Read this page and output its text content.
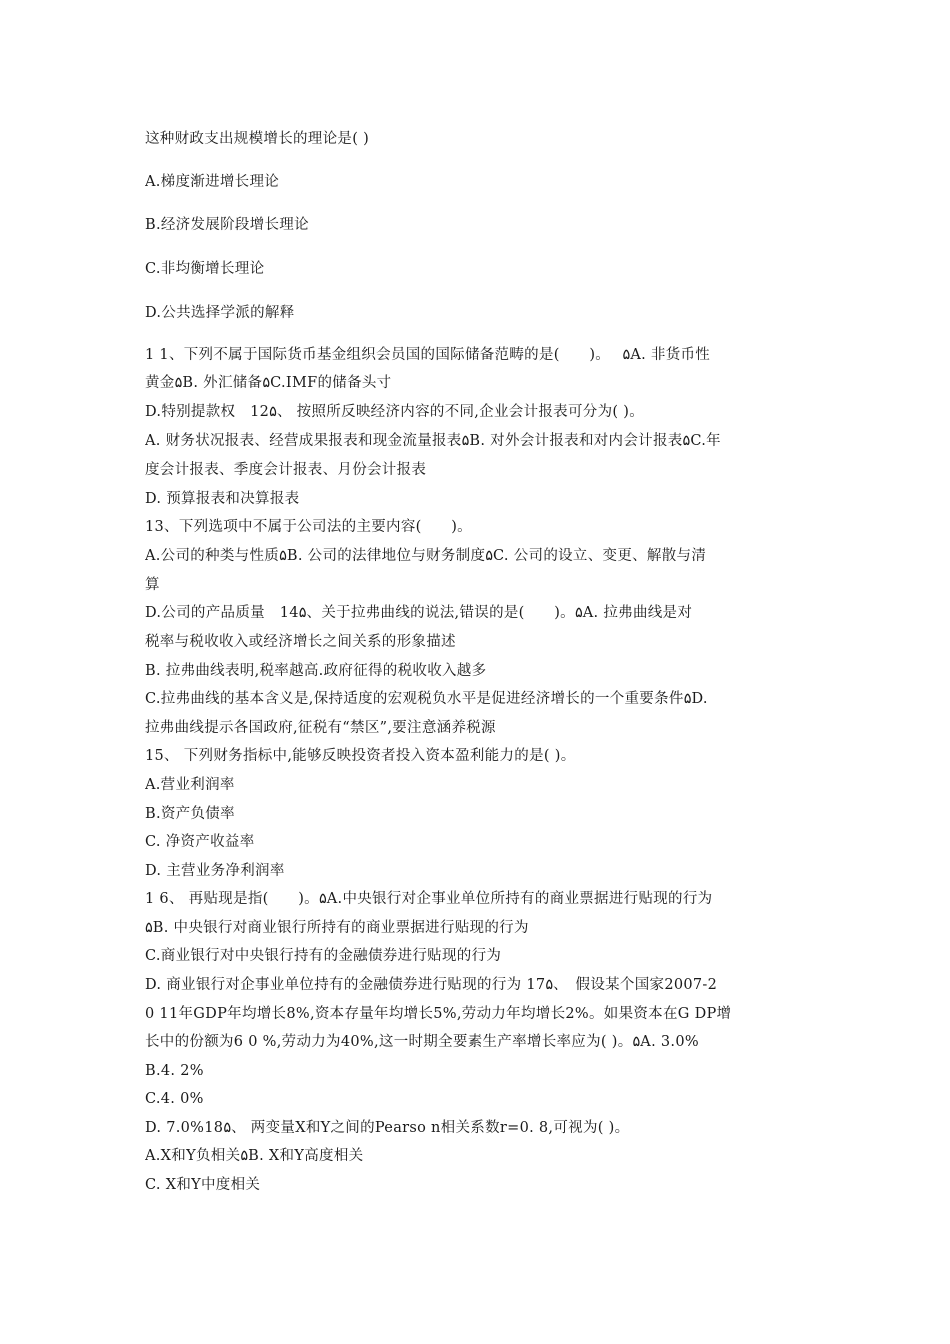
这种财政支出规模增长的理论是( )
A.梯度渐进增长理论
B.经济发展阶段增长理论
C.非均衡增长理论
D.公共选择学派的解释
1 1、下列不属于国际货币基金组织会员国的国际储备范畴的是(　　)。　 ۵A. 非货币性
黄金۵B. 外汇储备۵C.IMF的储备头寸
D.特别提款权　12۵、 按照所反映经济内容的不同,企业会计报表可分为( )。
A. 财务状况报表、经营成果报表和现金流量报表۵B. 对外会计报表和对内会计报表۵C.年
度会计报表、季度会计报表、月份会计报表
D. 预算报表和决算报表
13、下列选项中不属于公司法的主要内容(　　)。
A.公司的种类与性质۵B. 公司的法律地位与财务制度۵C. 公司的设立、变更、解散与清
算
D.公司的产品质量　14۵、关于拉弗曲线的说法,错误的是(　　)。۵A. 拉弗曲线是对
税率与税收收入或经济增长之间关系的形象描述
B. 拉弗曲线表明,税率越高.政府征得的税收收入越多
C.拉弗曲线的基本含义是,保持适度的宏观税负水平是促进经济增长的一个重要条件۵D.
拉弗曲线提示各国政府,征税有“禁区”,要注意涵养税源
15、 下列财务指标中,能够反映投资者投入资本盈利能力的是( )。
A.营业利润率
B.资产负债率
C. 净资产收益率
D. 主营业务净利润率
1 6、 再贴现是指(　　)。۵A.中央银行对企事业单位所持有的商业票据进行贴现的行为
۵B. 中央银行对商业银行所持有的商业票据进行贴现的行为
C.商业银行对中央银行持有的金融债券进行贴现的行为
D. 商业银行对企事业单位持有的金融债券进行贴现的行为 17۵、　假设某个国家2007-2
0 11年GDP年均增长8%,资本存量年均增长5%,劳动力年均增长2%。如果资本在G DP增
长中的份额为6 0 %,劳动力为40%,这一时期全要素生产率增长率应为( )。۵A. 3.0%
B.4. 2%
C.4. 0%
D. 7.0%18۵、 两变量X和Y之间的Pearso n相关系数r=0. 8,可视为( )。
A.X和Y负相关۵B. X和Y高度相关
C. X和Y中度相关
